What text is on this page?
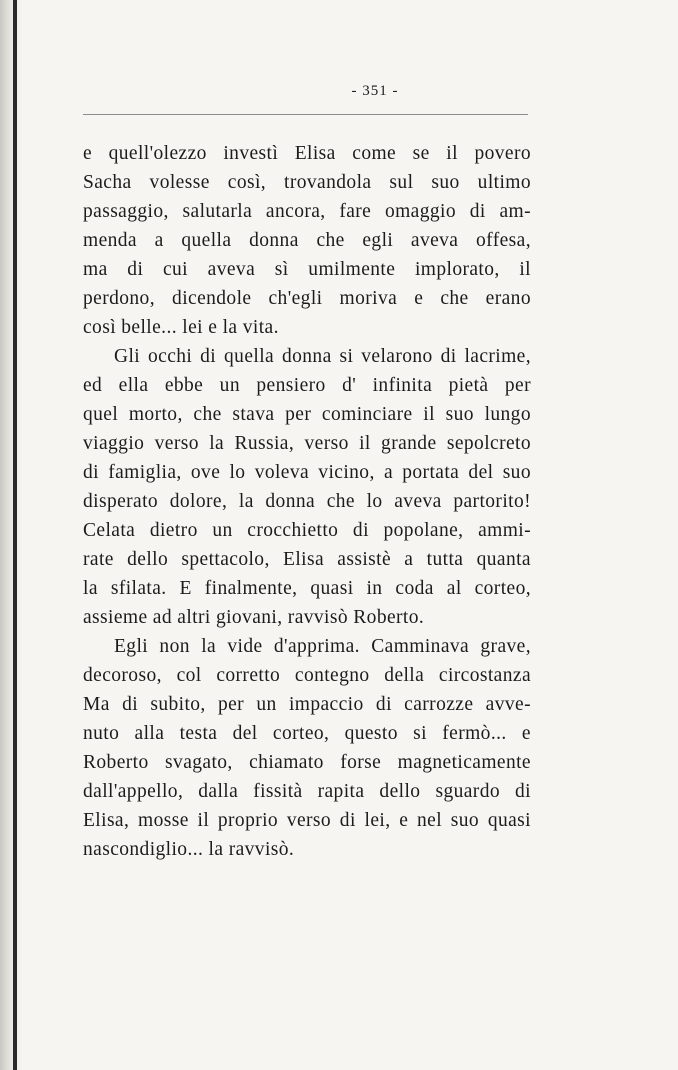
- 351 -
e quell'olezzo investì Elisa come se il povero
Sacha volesse così, trovandola sul suo ultimo
passaggio, salutarla ancora, fare omaggio di am-
menda a quella donna che egli aveva offesa,
ma di cui aveva sì umilmente implorato, il
perdono, dicendole ch'egli moriva e che erano
così belle... lei e la vita.
Gli occhi di quella donna si velarono di lacrime,
ed ella ebbe un pensiero d' infinita pietà per
quel morto, che stava per cominciare il suo lungo
viaggio verso la Russia, verso il grande sepolcreto
di famiglia, ove lo voleva vicino, a portata del suo
disperato dolore, la donna che lo aveva partorito!
Celata dietro un crocchietto di popolane, ammi-
rate dello spettacolo, Elisa assistè a tutta quanta
la sfilata. E finalmente, quasi in coda al corteo,
assieme ad altri giovani, ravvisò Roberto.
Egli non la vide d'apprima. Camminava grave,
decoroso, col corretto contegno della circostanza
Ma di subito, per un impaccio di carrozze avve-
nuto alla testa del corteo, questo si fermò... e
Roberto svagato, chiamato forse magneticamente
dall'appello, dalla fissità rapita dello sguardo di
Elisa, mosse il proprio verso di lei, e nel suo quasi
nascondiglio... la ravvisò.
